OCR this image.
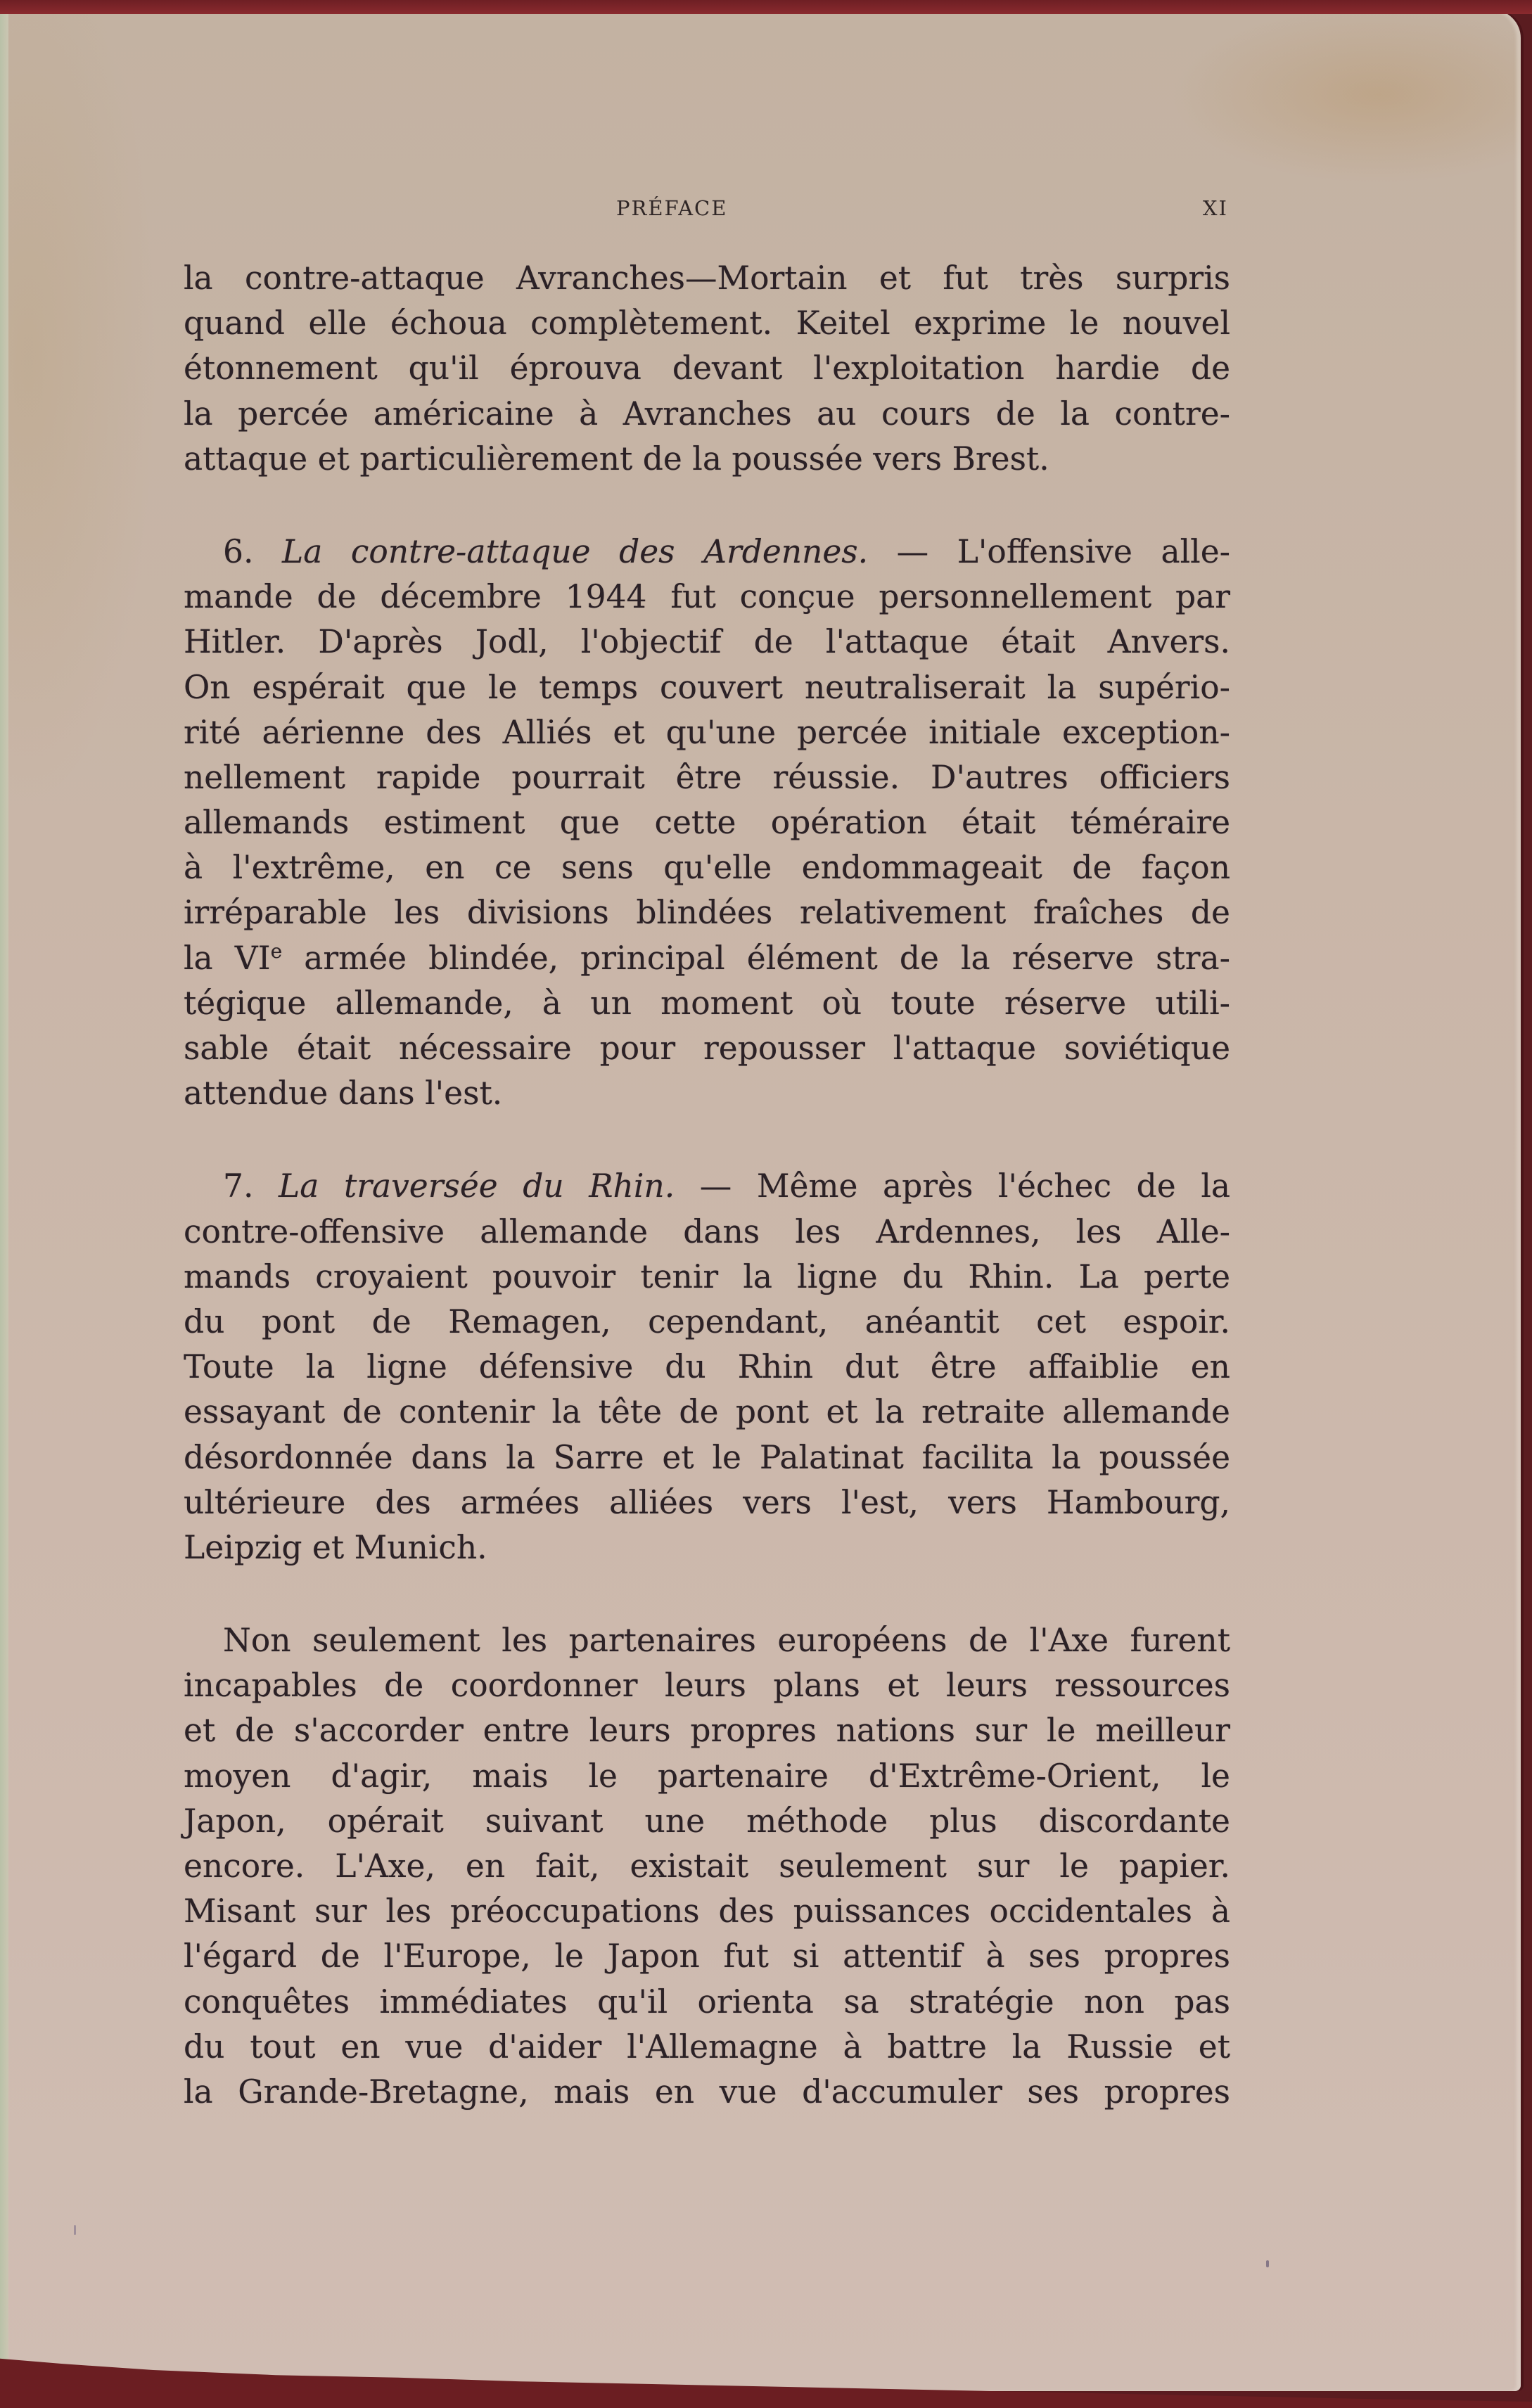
PRÉFACE	XI
la contre-attaque Avranches—Mortain et fut très surpris
quand elle échoua complètement. Keitel exprime le nouvel
étonnement qu'il éprouva devant l'exploitation hardie de
la percée américaine à Avranches au cours de la contre-
attaque et particulièrement de la poussée vers Brest.
6. La contre-attaque des Ardennes. — L'offensive alle-
mande de décembre 1944 fut conçue personnellement par
Hitler. D'après Jodl, l'objectif de l'attaque était Anvers.
On espérait que le temps couvert neutraliserait la supério-
rité aérienne des Alliés et qu'une percée initiale exception-
nellement rapide pourrait être réussie. D'autres officiers
allemands estiment que cette opération était téméraire
à l'extrême, en ce sens qu'elle endommageait de façon
irréparable les divisions blindées relativement fraîches de
la VIe armée blindée, principal élément de la réserve stra-
tégique allemande, à un moment où toute réserve utili-
sable était nécessaire pour repousser l'attaque soviétique
attendue dans l'est.
7. La traversée du Rhin. — Même après l'échec de la
contre-offensive allemande dans les Ardennes, les Alle-
mands croyaient pouvoir tenir la ligne du Rhin. La perte
du pont de Remagen, cependant, anéantit cet espoir.
Toute la ligne défensive du Rhin dut être affaiblie en
essayant de contenir la tête de pont et la retraite allemande
désordonnée dans la Sarre et le Palatinat facilita la poussée
ultérieure des armées alliées vers l'est, vers Hambourg,
Leipzig et Munich.
Non seulement les partenaires européens de l'Axe furent
incapables de coordonner leurs plans et leurs ressources
et de s'accorder entre leurs propres nations sur le meilleur
moyen d'agir, mais le partenaire d'Extrême-Orient, le
Japon, opérait suivant une méthode plus discordante
encore. L'Axe, en fait, existait seulement sur le papier.
Misant sur les préoccupations des puissances occidentales à
l'égard de l'Europe, le Japon fut si attentif à ses propres
conquêtes immédiates qu'il orienta sa stratégie non pas
du tout en vue d'aider l'Allemagne à battre la Russie et
la Grande-Bretagne, mais en vue d'accumuler ses propres
